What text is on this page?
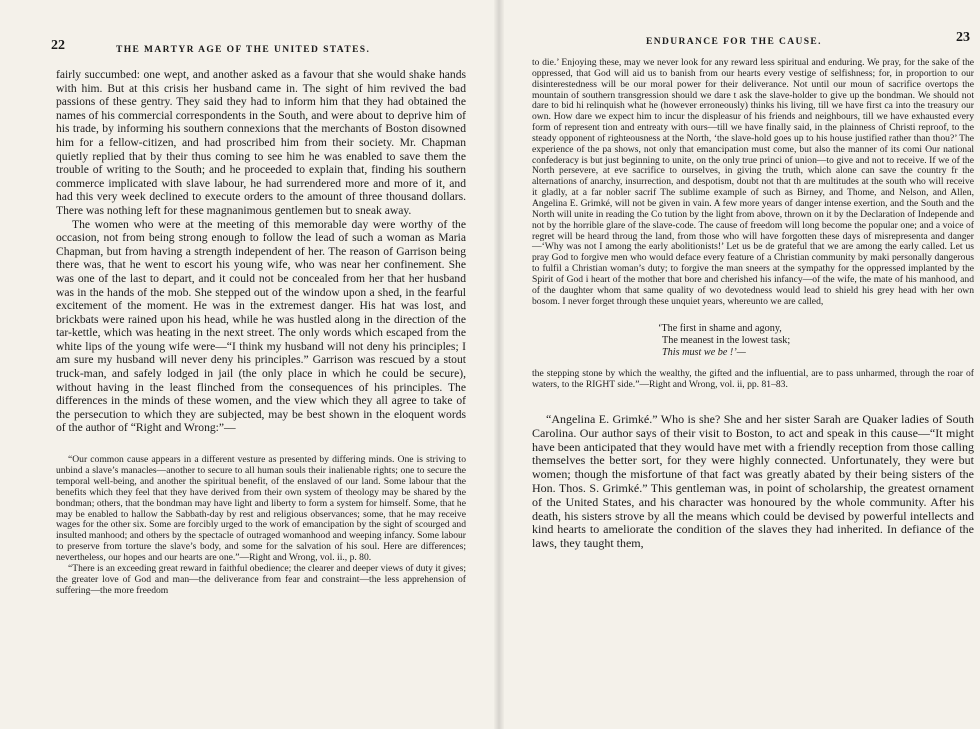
22	THE MARTYR AGE OF THE UNITED STATES.

fairly succumbed: one wept, and another asked as a favour that she would shake hands with him. But at this crisis her husband came in. The sight of him revived the bad passions of these gentry. They said they had to inform him that they had obtained the names of his commercial correspondents in the South, and were about to deprive him of his trade, by informing his southern connexions that the merchants of Boston disowned him for a fellow-citizen, and had proscribed him from their society. Mr. Chapman quietly replied that by their thus coming to see him he was enabled to save them the trouble of writing to the South; and he proceeded to explain that, finding his southern commerce implicated with slave labour, he had surrendered more and more of it, and had this very week declined to execute orders to the amount of three thousand dollars. There was nothing left for these magnanimous gentlemen but to sneak away.

The women who were at the meeting of this memorable day were worthy of the occasion, not from being strong enough to follow the lead of such a woman as Maria Chapman, but from having a strength independent of her. The reason of Garrison being there was, that he went to escort his young wife, who was near her confinement. She was one of the last to depart, and it could not be concealed from her that her husband was in the hands of the mob. She stepped out of the window upon a shed, in the fearful excitement of the moment. He was in the extremest danger. His hat was lost, and brickbats were rained upon his head, while he was hustled along in the direction of the tar-kettle, which was heating in the next street. The only words which escaped from the white lips of the young wife were—“I think my husband will not deny his principles; I am sure my husband will never deny his principles.” Garrison was rescued by a stout truck-man, and safely lodged in jail (the only place in which he could be secure), without having in the least flinched from the consequences of his principles. The differences in the minds of these women, and the view which they all agree to take of the persecution to which they are subjected, may be best shown in the eloquent words of the author of “Right and Wrong:”—

“Our common cause appears in a different vesture as presented by differing minds. One is striving to unbind a slave’s manacles—another to secure to all human souls their inalienable rights; one to secure the temporal well-being, and another the spiritual benefit, of the enslaved of our land. Some labour that the benefits which they feel that they have derived from their own system of theology may be shared by the bondman; others, that the bondman may have light and liberty to form a system for himself. Some, that he may be enabled to hallow the Sabbath-day by rest and religious observances; some, that he may receive wages for the other six. Some are forcibly urged to the work of emancipation by the sight of scourged and insulted manhood; and others by the spectacle of outraged womanhood and weeping infancy. Some labour to preserve from torture the slave’s body, and some for the salvation of his soul. Here are differences; nevertheless, our hopes and our hearts are one.”—Right and Wrong, vol. ii., p. 80.

“There is an exceeding great reward in faithful obedience; the clearer and deeper views of duty it gives; the greater love of God and man—the deliverance from fear and constraint—the less apprehension of suffering—the more freedom

23
ENDURANCE FOR THE CAUSE.

to die.’ Enjoying these, may we never look for any reward less spiritual and enduring. We pray, for the sake of the oppressed, that God will aid us to banish from our hearts every vestige of selfishness; for, in proportion to our disinterestedness will be our moral power for their deliverance. Not until our moun of sacrifice overtops the mountain of southern transgression should we dare t ask the slave-holder to give up the bondman. We should not dare to bid hi relinquish what he (however erroneously) thinks his living, till we have first ca into the treasury our own. How dare we expect him to incur the displeasur of his friends and neighbours, till we have exhausted every form of represent tion and entreaty with ours—till we have finally said, in the plainness of Christi reproof, to the steady opponent of righteousness at the North, ‘the slave-hold goes up to his house justified rather than thou?’ The experience of the pa shows, not only that emancipation must come, but also the manner of its comi Our national confederacy is but just beginning to unite, on the only true princi of union—to give and not to receive. If we of the North persevere, at eve sacrifice to ourselves, in giving the truth, which alone can save the country fr the alternations of anarchy, insurrection, and despotism, doubt not that th are multitudes at the south who will receive it gladly, at a far nobler sacrif The sublime example of such as Birney, and Thome, and Nelson, and Allen, Angelina E. Grimké, will not be given in vain. A few more years of danger intense exertion, and the South and the North will unite in reading the Co tution by the light from above, thrown on it by the Declaration of Independe and not by the horrible glare of the slave-code. The cause of freedom will long become the popular one; and a voice of regret will be heard throug the land, from those who will have forgotten these days of misrepresenta and danger—‘Why was not I among the early abolitionists!’ Let us be de grateful that we are among the early called. Let us pray God to forgive men who would deface every feature of a Christian community by maki personally dangerous to fulfil a Christian woman’s duty; to forgive the man sneers at the sympathy for the oppressed implanted by the Spirit of God i heart of the mother that bore and cherished his infancy—of the wife, the mate of his manhood, and of the daughter whom that same quality of wo devotedness would lead to shield his grey head with her own bosom. I never forget through these unquiet years, whereunto we are called,

‘The first in shame and agony,
The meanest in the lowest task;
This must we be !’—

the stepping stone by which the wealthy, the gifted and the influential, are to pass unharmed, through the roar of waters, to the RIGHT side.”—Right and Wrong, vol. ii, pp. 81–83.

“Angelina E. Grimké.” Who is she? She and her sister Sarah are Quaker ladies of South Carolina. Our author says of their visit to Boston, to act and speak in this cause—“It might have been anticipated that they would have met with a friendly reception from those calling themselves the better sort, for they were highly connected. Unfortunately, they were but women; though the misfortune of that fact was greatly abated by their being sisters of the Hon. Thos. S. Grimké.” This gentleman was, in point of scholarship, the greatest ornament of the United States, and his character was honoured by the whole community. After his death, his sisters strove by all the means which could be devised by powerful intellects and kind hearts to ameliorate the condition of the slaves they had inherited. In defiance of the laws, they taught them,
